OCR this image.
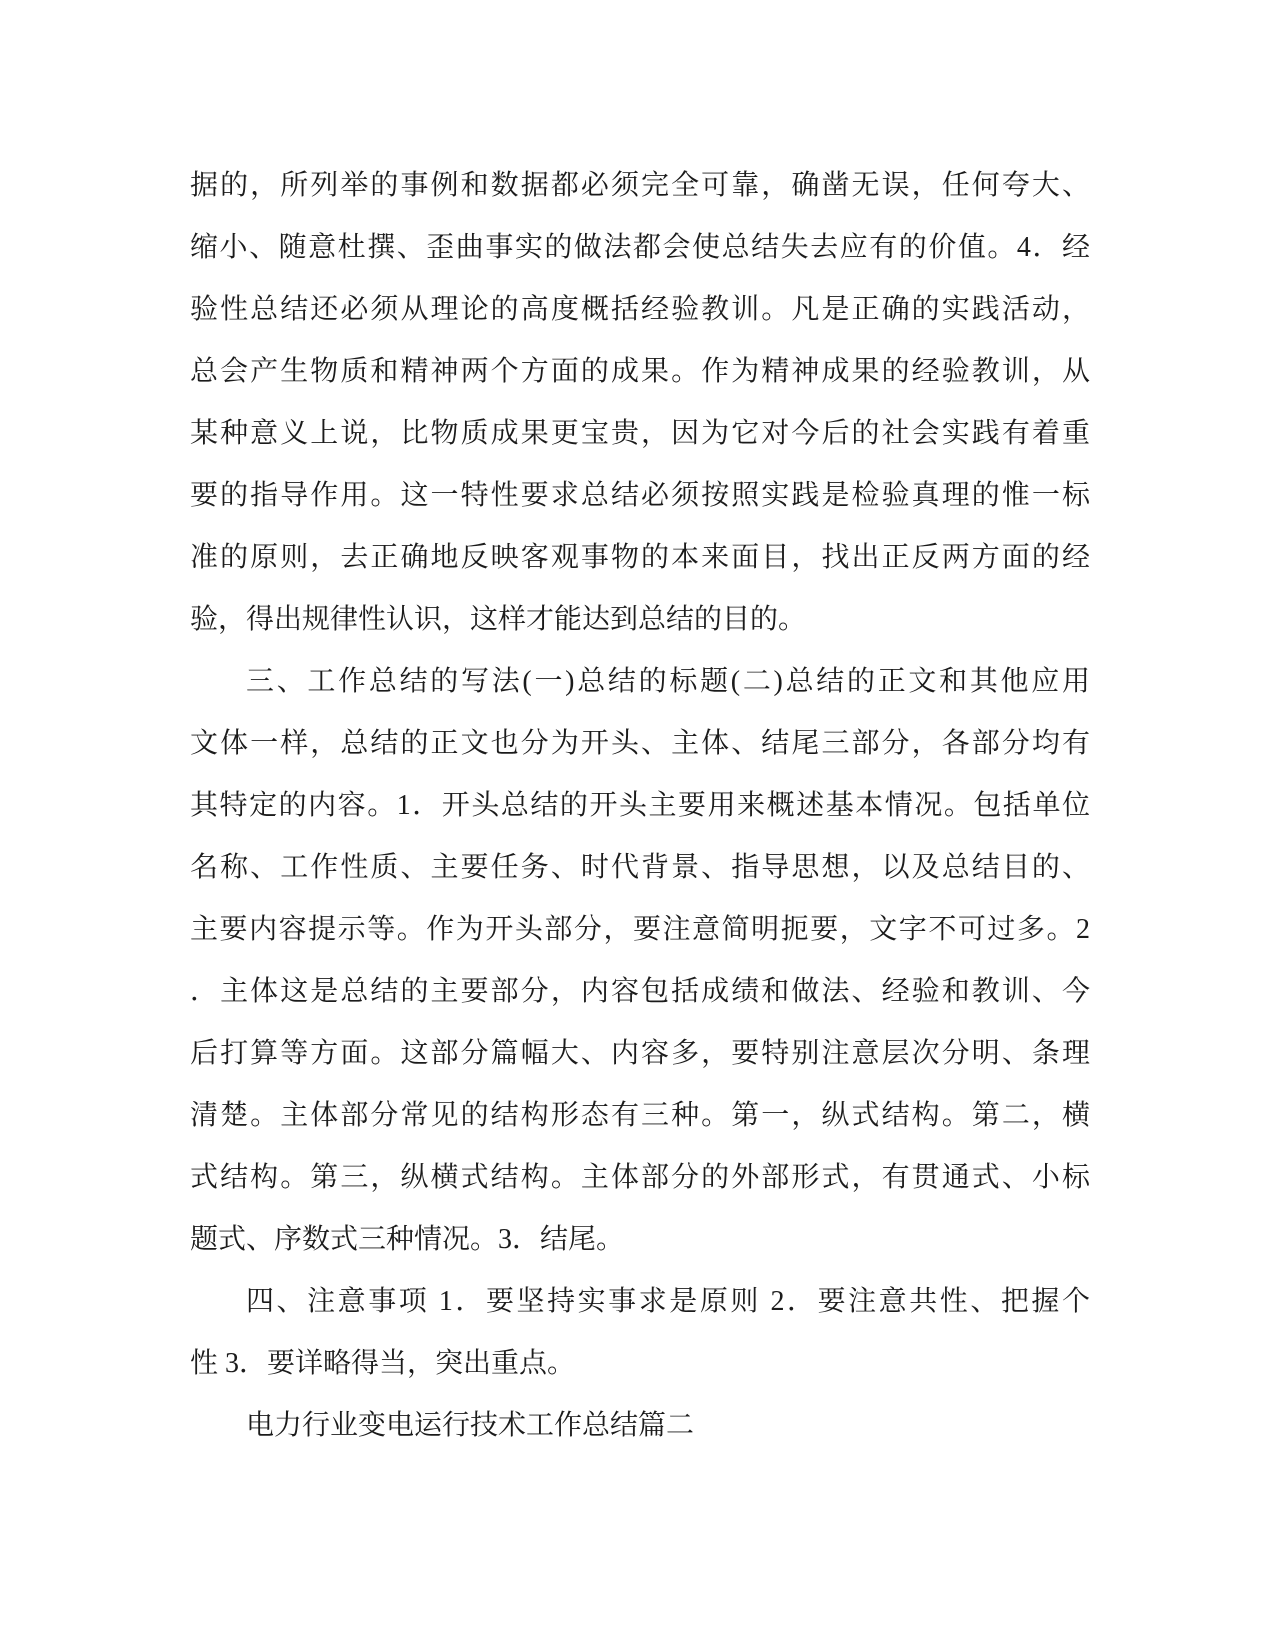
据的，所列举的事例和数据都必须完全可靠，确凿无误，任何夸大、
缩小、随意杜撰、歪曲事实的做法都会使总结失去应有的价值。4．经
验性总结还必须从理论的高度概括经验教训。凡是正确的实践活动，
总会产生物质和精神两个方面的成果。作为精神成果的经验教训，从
某种意义上说，比物质成果更宝贵，因为它对今后的社会实践有着重
要的指导作用。这一特性要求总结必须按照实践是检验真理的惟一标
准的原则，去正确地反映客观事物的本来面目，找出正反两方面的经
验，得出规律性认识，这样才能达到总结的目的。
三、工作总结的写法(一)总结的标题(二)总结的正文和其他应用
文体一样，总结的正文也分为开头、主体、结尾三部分，各部分均有
其特定的内容。1．开头总结的开头主要用来概述基本情况。包括单位
名称、工作性质、主要任务、时代背景、指导思想，以及总结目的、
主要内容提示等。作为开头部分，要注意简明扼要，文字不可过多。2
．主体这是总结的主要部分，内容包括成绩和做法、经验和教训、今
后打算等方面。这部分篇幅大、内容多，要特别注意层次分明、条理
清楚。主体部分常见的结构形态有三种。第一，纵式结构。第二，横
式结构。第三，纵横式结构。主体部分的外部形式，有贯通式、小标
题式、序数式三种情况。3．结尾。
四、注意事项 1．要坚持实事求是原则 2．要注意共性、把握个
性 3．要详略得当，突出重点。
电力行业变电运行技术工作总结篇二
